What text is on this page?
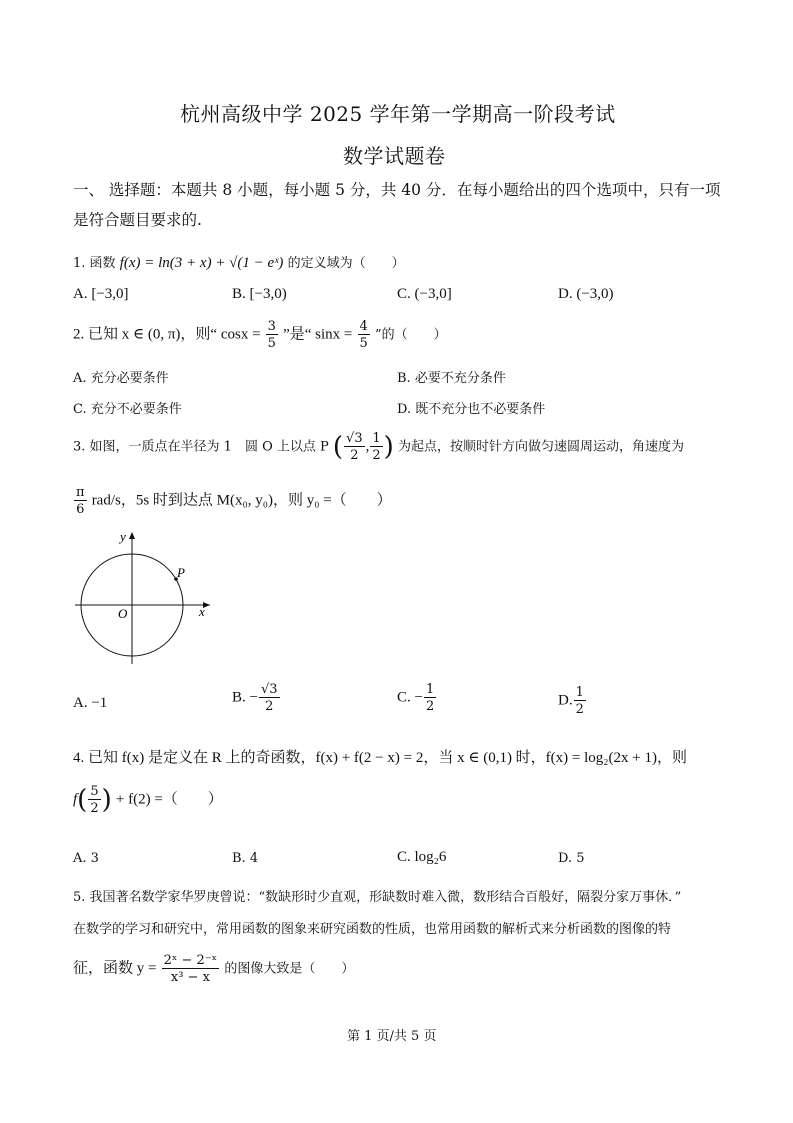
杭州高级中学 2025 学年第一学期高一阶段考试
数学试题卷
一、 选择题：本题共 8 小题，每小题 5 分，共 40 分．在每小题给出的四个选项中，只有一项
是符合题目要求的.
1. 函数 f(x) = ln(3 + x) + √(1 − eˣ) 的定义域为（　　）
A. [−3,0]	B. [−3,0)	C. (−3,0]	D. (−3,0)
2. 已知 x ∈ (0, π)，则“ $\cos x = \frac{3}{5}$ ”是“ $\sin x = \frac{4}{5}$ ”的（　　）
A. 充分必要条件	B. 必要不充分条件
C. 充分不必要条件	D. 既不充分也不必要条件
3. 如图，一质点在半径为 1　圆 O 上以点 P ( $\frac{√3}{2}$ , $\frac{1}{2}$ ) 为起点，按顺时针方向做匀速圆周运动，角速度为
$\frac{\pi}{6} rad/s$，5s 时到达点 M(x₀, y₀)，则 y₀ =（　　）
y
x
O
P
A. −1	B. − $\frac{√3}{2}$	C. − $\frac{1}{2}$	D. $\frac{1}{2}$
4. 已知 f(x) 是定义在 R 上的奇函数，f(x) + f(2 − x) = 2，当 x ∈ (0,1) 时，f(x) = log₂(2x + 1)，则
$f( \frac{5}{2}$ ) + f(2) =（　　）
A. 3	B. 4	C. log₂6	D. 5
5. 我国著名数学家华罗庚曾说：“数缺形时少直观，形缺数时难入微，数形结合百般好，隔裂分家万事休．”
在数学的学习和研究中，常用函数的图象来研究函数的性质，也常用函数的解析式来分析函数的图像的特
征，函数 $y = \frac{\text{2ˣ − 2⁻ˣ}}{\text{x³ − x}}$ 的图像大致是（　　）
第 1 页/共 5 页
